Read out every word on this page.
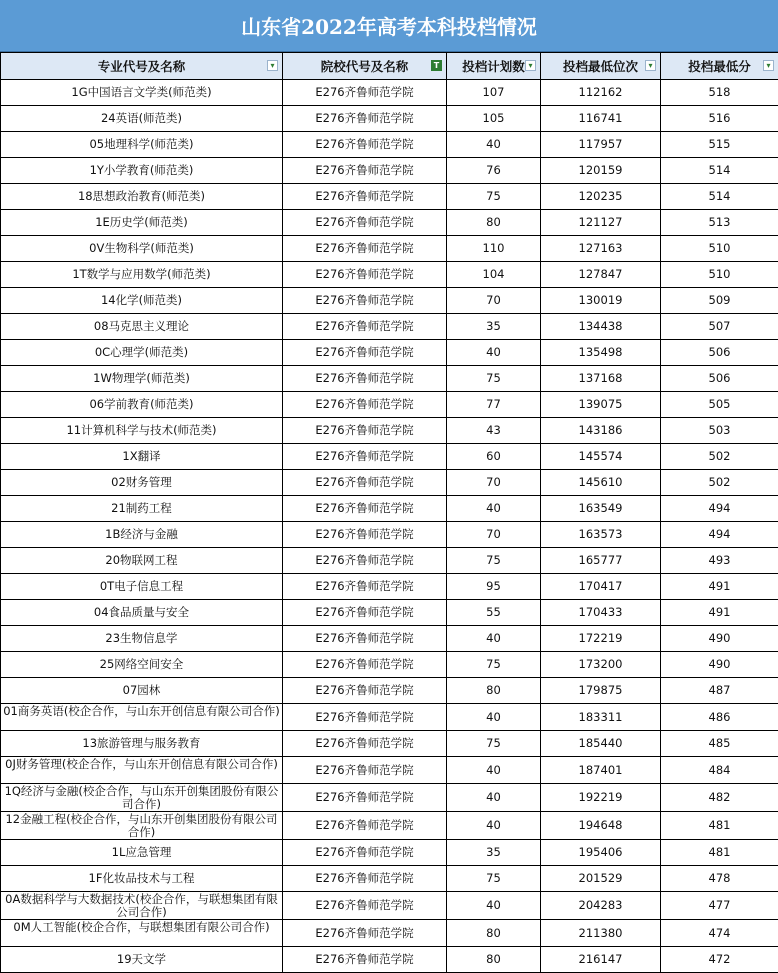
山东省2022年高考本科投档情况
专业代号及名称 ▾	院校代号及名称 T	投档计划数 ▾	投档最低位次 ▾	投档最低分 ▾

1G中国语言文学类(师范类)	E276齐鲁师范学院	107	112162	518
24英语(师范类)	E276齐鲁师范学院	105	116741	516
05地理科学(师范类)	E276齐鲁师范学院	40	117957	515
1Y小学教育(师范类)	E276齐鲁师范学院	76	120159	514
18思想政治教育(师范类)	E276齐鲁师范学院	75	120235	514
1E历史学(师范类)	E276齐鲁师范学院	80	121127	513
0V生物科学(师范类)	E276齐鲁师范学院	110	127163	510
1T数学与应用数学(师范类)	E276齐鲁师范学院	104	127847	510
14化学(师范类)	E276齐鲁师范学院	70	130019	509
08马克思主义理论	E276齐鲁师范学院	35	134438	507
0C心理学(师范类)	E276齐鲁师范学院	40	135498	506
1W物理学(师范类)	E276齐鲁师范学院	75	137168	506
06学前教育(师范类)	E276齐鲁师范学院	77	139075	505
11计算机科学与技术(师范类)	E276齐鲁师范学院	43	143186	503
1X翻译	E276齐鲁师范学院	60	145574	502
02财务管理	E276齐鲁师范学院	70	145610	502
21制药工程	E276齐鲁师范学院	40	163549	494
1B经济与金融	E276齐鲁师范学院	70	163573	494
20物联网工程	E276齐鲁师范学院	75	165777	493
0T电子信息工程	E276齐鲁师范学院	95	170417	491
04食品质量与安全	E276齐鲁师范学院	55	170433	491
23生物信息学	E276齐鲁师范学院	40	172219	490
25网络空间安全	E276齐鲁师范学院	75	173200	490
07园林	E276齐鲁师范学院	80	179875	487
01商务英语(校企合作，与山东开创信息有限公司合作)	E276齐鲁师范学院	40	183311	486
13旅游管理与服务教育	E276齐鲁师范学院	75	185440	485
0J财务管理(校企合作，与山东开创信息有限公司合作)	E276齐鲁师范学院	40	187401	484
1Q经济与金融(校企合作，与山东开创集团股份有限公司合作)	E276齐鲁师范学院	40	192219	482
12金融工程(校企合作，与山东开创集团股份有限公司合作)	E276齐鲁师范学院	40	194648	481
1L应急管理	E276齐鲁师范学院	35	195406	481
1F化妆品技术与工程	E276齐鲁师范学院	75	201529	478
0A数据科学与大数据技术(校企合作，与联想集团有限公司合作)	E276齐鲁师范学院	40	204283	477
0M人工智能(校企合作，与联想集团有限公司合作)	E276齐鲁师范学院	80	211380	474
19天文学	E276齐鲁师范学院	80	216147	472
